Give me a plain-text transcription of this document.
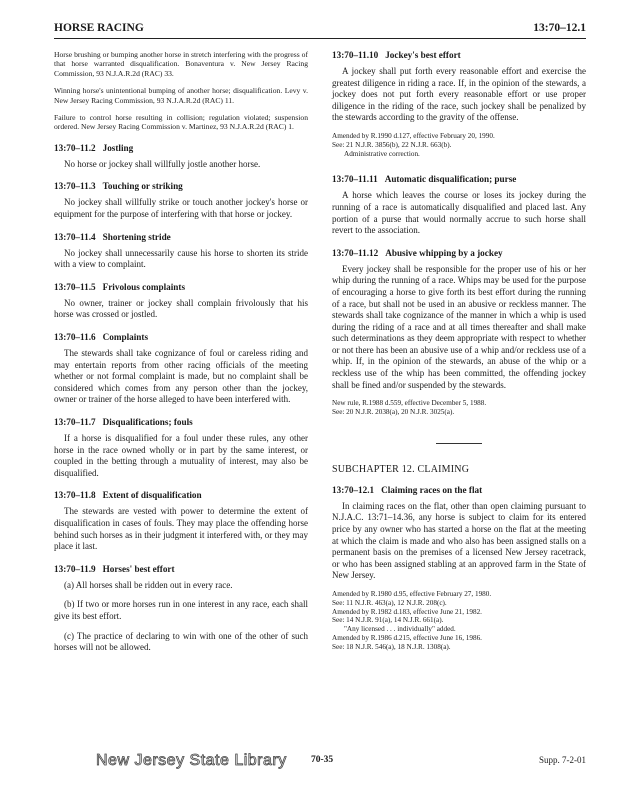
HORSE RACING	13:70–12.1

Horse brushing or bumping another horse in stretch interfering with the progress of that horse warranted disqualification. Bonaventura v. New Jersey Racing Commission, 93 N.J.A.R.2d (RAC) 33.

Winning horse's unintentional bumping of another horse; disqualification. Levy v. New Jersey Racing Commission, 93 N.J.A.R.2d (RAC) 11.

Failure to control horse resulting in collision; regulation violated; suspension ordered. New Jersey Racing Commission v. Martinez, 93 N.J.A.R.2d (RAC) 1.

13:70–11.2 Jostling

No horse or jockey shall willfully jostle another horse.

13:70–11.3 Touching or striking

No jockey shall willfully strike or touch another jockey's horse or equipment for the purpose of interfering with that horse or jockey.

13:70–11.4 Shortening stride

No jockey shall unnecessarily cause his horse to shorten its stride with a view to complaint.

13:70–11.5 Frivolous complaints

No owner, trainer or jockey shall complain frivolously that his horse was crossed or jostled.

13:70–11.6 Complaints

The stewards shall take cognizance of foul or careless riding and may entertain reports from other racing officials of the meeting whether or not formal complaint is made, but no complaint shall be considered which comes from any person other than the jockey, owner or trainer of the horse alleged to have been interfered with.

13:70–11.7 Disqualifications; fouls

If a horse is disqualified for a foul under these rules, any other horse in the race owned wholly or in part by the same interest, or coupled in the betting through a mutuality of interest, may also be disqualified.

13:70–11.8 Extent of disqualification

The stewards are vested with power to determine the extent of disqualification in cases of fouls. They may place the offending horse behind such horses as in their judgment it interfered with, or they may place it last.

13:70–11.9 Horses' best effort

(a) All horses shall be ridden out in every race.

(b) If two or more horses run in one interest in any race, each shall give its best effort.

(c) The practice of declaring to win with one of the other of such horses will not be allowed.

13:70–11.10 Jockey's best effort

A jockey shall put forth every reasonable effort and exercise the greatest diligence in riding a race. If, in the opinion of the stewards, a jockey does not put forth every reasonable effort or use proper diligence in the riding of the race, such jockey shall be penalized by the stewards according to the gravity of the offense.

Amended by R.1990 d.127, effective February 20, 1990.
See: 21 N.J.R. 3856(b), 22 N.J.R. 663(b).
Administrative correction.
13:70–11.11 Automatic disqualification; purse

A horse which leaves the course or loses its jockey during the running of a race is automatically disqualified and placed last. Any portion of a purse that would normally accrue to such horse shall revert to the association.

13:70–11.12 Abusive whipping by a jockey

Every jockey shall be responsible for the proper use of his or her whip during the running of a race. Whips may be used for the purpose of encouraging a horse to give forth its best effort during the running of a race, but shall not be used in an abusive or reckless manner. The stewards shall take cognizance of the manner in which a whip is used during the riding of a race and at all times thereafter and shall make such determinations as they deem appropriate with respect to whether or not there has been an abusive use of a whip and/or reckless use of a whip. If, in the opinion of the stewards, an abuse of the whip or a reckless use of the whip has been committed, the offending jockey shall be fined and/or suspended by the stewards.

New rule, R.1988 d.559, effective December 5, 1988.
See: 20 N.J.R. 2038(a), 20 N.J.R. 3025(a).
SUBCHAPTER 12. CLAIMING
13:70–12.1 Claiming races on the flat

In claiming races on the flat, other than open claiming pursuant to N.J.A.C. 13:71–14.36, any horse is subject to claim for its entered price by any owner who has started a horse on the flat at the meeting at which the claim is made and who also has been assigned stalls on a permanent basis on the premises of a licensed New Jersey racetrack, or who has been assigned stabling at an approved farm in the State of New Jersey.

Amended by R.1980 d.95, effective February 27, 1980.
See: 11 N.J.R. 463(a), 12 N.J.R. 208(c).
Amended by R.1982 d.183, effective June 21, 1982.
See: 14 N.J.R. 91(a), 14 N.J.R. 661(a).
"Any licensed . . . individually" added.
Amended by R.1986 d.215, effective June 16, 1986.
See: 18 N.J.R. 546(a), 18 N.J.R. 1308(a).
New Jersey State Library	70-35	Supp. 7-2-01
